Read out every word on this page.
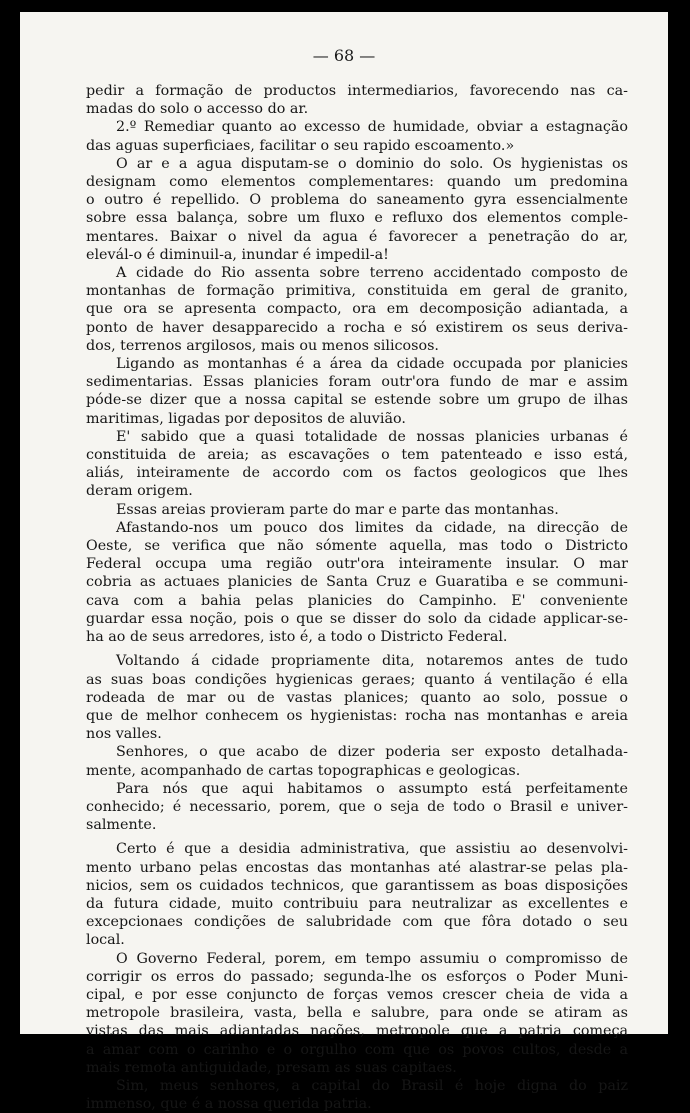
— 68 —
pedir a formação de productos intermediarios, favorecendo nas ca-
madas do solo o accesso do ar.
2.º Remediar quanto ao excesso de humidade, obviar a estagnação
das aguas superficiaes, facilitar o seu rapido escoamento.»
O ar e a agua disputam-se o dominio do solo. Os hygienistas os
designam como elementos complementares: quando um predomina
o outro é repellido. O problema do saneamento gyra essencialmente
sobre essa balança, sobre um fluxo e refluxo dos elementos comple-
mentares. Baixar o nivel da agua é favorecer a penetração do ar,
elevál-o é diminuil-a, inundar é impedil-a!
A cidade do Rio assenta sobre terreno accidentado composto de
montanhas de formação primitiva, constituida em geral de granito,
que ora se apresenta compacto, ora em decomposição adiantada, a
ponto de haver desapparecido a rocha e só existirem os seus deriva-
dos, terrenos argilosos, mais ou menos silicosos.
Ligando as montanhas é a área da cidade occupada por planicies
sedimentarias. Essas planicies foram outr'ora fundo de mar e assim
póde-se dizer que a nossa capital se estende sobre um grupo de ilhas
maritimas, ligadas por depositos de aluvião.
E' sabido que a quasi totalidade de nossas planicies urbanas é
constituida de areia; as escavações o tem patenteado e isso está,
aliás, inteiramente de accordo com os factos geologicos que lhes
deram origem.
Essas areias provieram parte do mar e parte das montanhas.
Afastando-nos um pouco dos limites da cidade, na direcção de
Oeste, se verifica que não sómente aquella, mas todo o Districto
Federal occupa uma região outr'ora inteiramente insular. O mar
cobria as actuaes planicies de Santa Cruz e Guaratiba e se communi-
cava com a bahia pelas planicies do Campinho. E' conveniente
guardar essa noção, pois o que se disser do solo da cidade applicar-se-
ha ao de seus arredores, isto é, a todo o Districto Federal.
Voltando á cidade propriamente dita, notaremos antes de tudo
as suas boas condições hygienicas geraes; quanto á ventilação é ella
rodeada de mar ou de vastas planices; quanto ao solo, possue o
que de melhor conhecem os hygienistas: rocha nas montanhas e areia
nos valles.
Senhores, o que acabo de dizer poderia ser exposto detalhada-
mente, acompanhado de cartas topographicas e geologicas.
Para nós que aqui habitamos o assumpto está perfeitamente
conhecido; é necessario, porem, que o seja de todo o Brasil e univer-
salmente.
Certo é que a desidia administrativa, que assistiu ao desenvolvi-
mento urbano pelas encostas das montanhas até alastrar-se pelas pla-
nicios, sem os cuidados technicos, que garantissem as boas disposições
da futura cidade, muito contribuiu para neutralizar as excellentes e
excepcionaes condições de salubridade com que fôra dotado o seu
local.
O Governo Federal, porem, em tempo assumiu o compromisso de
corrigir os erros do passado; segunda-lhe os esforços o Poder Muni-
cipal, e por esse conjuncto de forças vemos crescer cheia de vida a
metropole brasileira, vasta, bella e salubre, para onde se atiram as
vistas das mais adiantadas nações, metropole que a patria começa
a amar com o carinho e o orgulho com que os povos cultos, desde a
mais remota antiguidade, presam as suas capitaes.
Sim, meus senhores, a capital do Brasil é hoje digna do paiz
immenso, que é a nossa querida patria.
